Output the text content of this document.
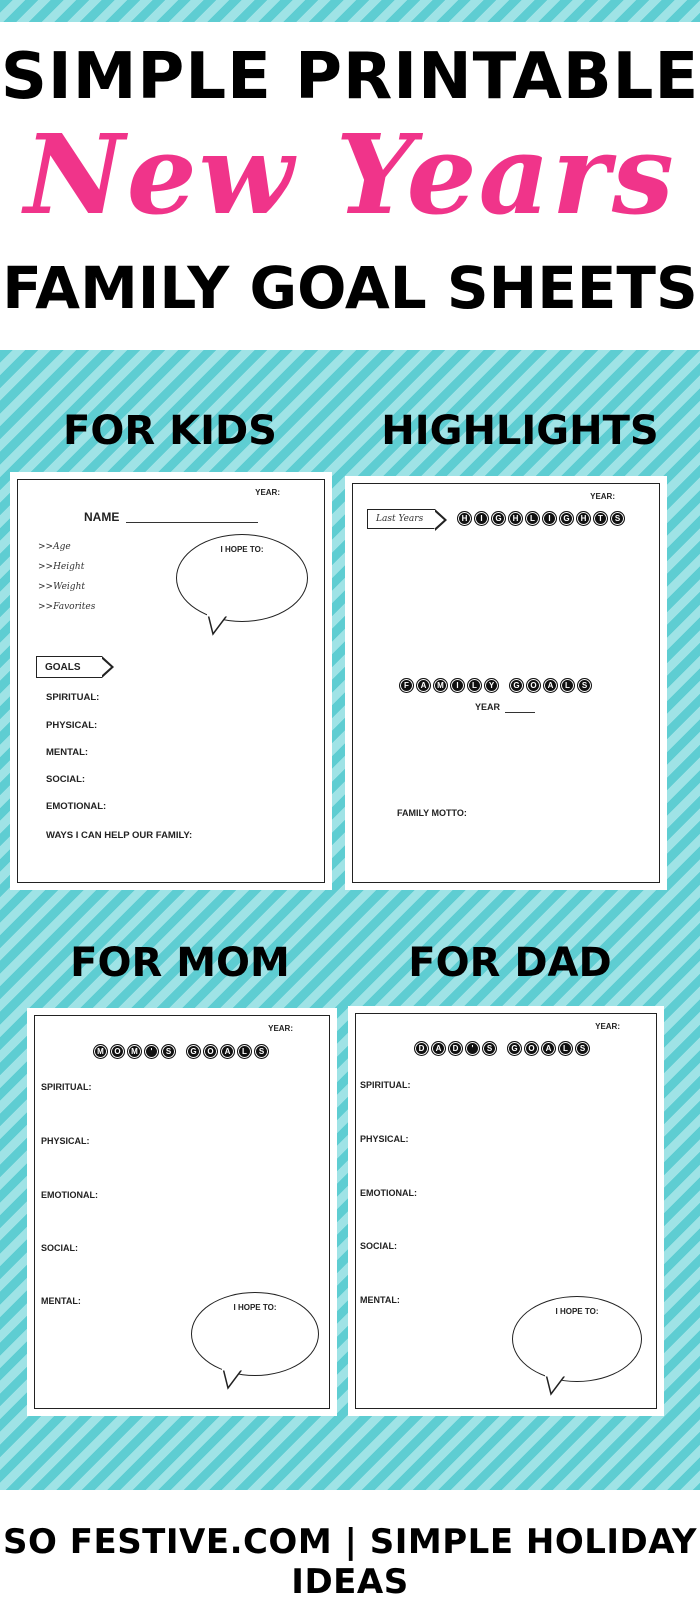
SIMPLE PRINTABLE
New Years
FAMILY GOAL SHEETS
FOR KIDS	HIGHLIGHTS
FOR MOM	FOR DAD
YEAR:
NAME
I HOPE TO:
>>Age
>>Height
>>Weight
>>Favorites
GOALS
SPIRITUAL:
PHYSICAL:
MENTAL:
SOCIAL:
EMOTIONAL:
WAYS I CAN HELP OUR FAMILY:
YEAR:
Last Years	H	I	G	H	L	I	G	H	T	S
F	A	M	I	L	Y	G	O	A	L	S
YEAR
FAMILY MOTTO:
YEAR:
M	O	M	'	S	G	O	A	L	S
SPIRITUAL:
PHYSICAL:
EMOTIONAL:
SOCIAL:
MENTAL:
I HOPE TO:
YEAR:
D	A	D	'	S	G	O	A	L	S
SPIRITUAL:
PHYSICAL:
EMOTIONAL:
SOCIAL:
MENTAL:
I HOPE TO:
SO FESTIVE.COM | SIMPLE HOLIDAY IDEAS
